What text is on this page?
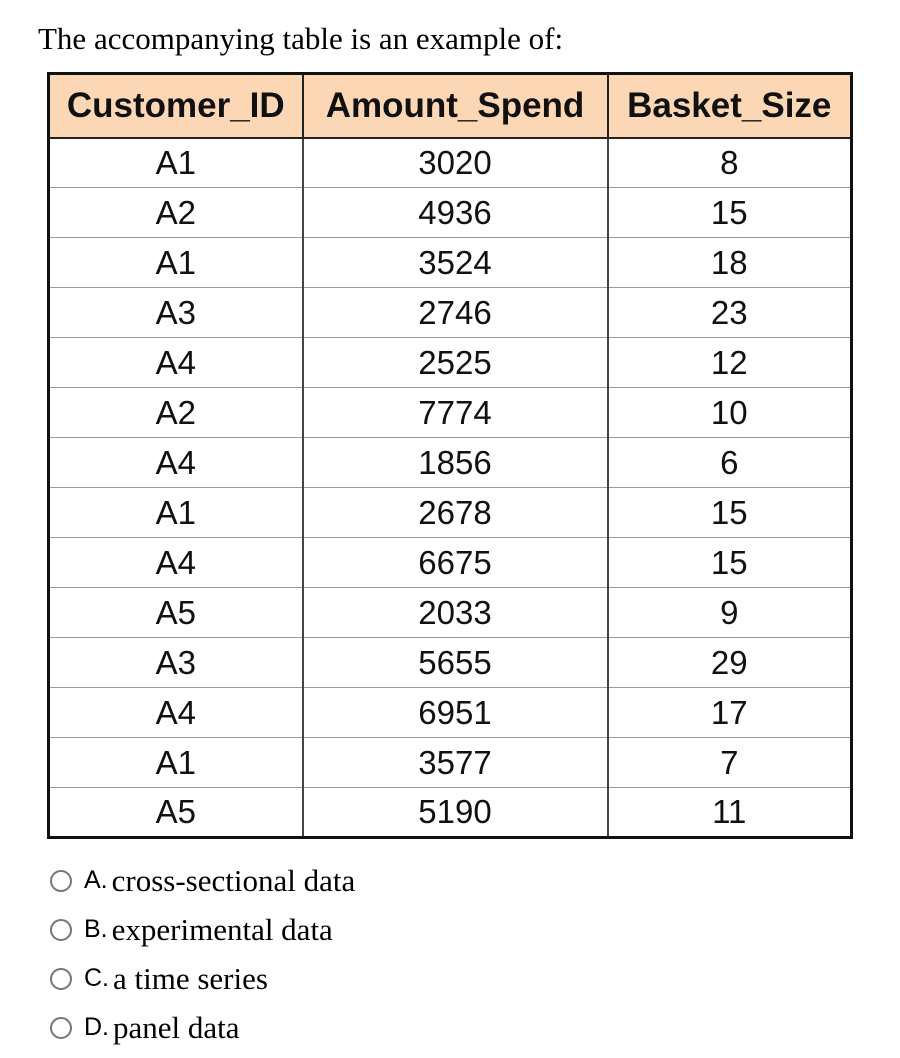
The accompanying table is an example of:
Customer_ID	Amount_Spend	Basket_Size
A1	3020	8
A2	4936	15
A1	3524	18
A3	2746	23
A4	2525	12
A2	7774	10
A4	1856	6
A1	2678	15
A4	6675	15
A5	2033	9
A3	5655	29
A4	6951	17
A1	3577	7
A5	5190	11
A. cross-sectional data
B. experimental data
C. a time series
D. panel data
